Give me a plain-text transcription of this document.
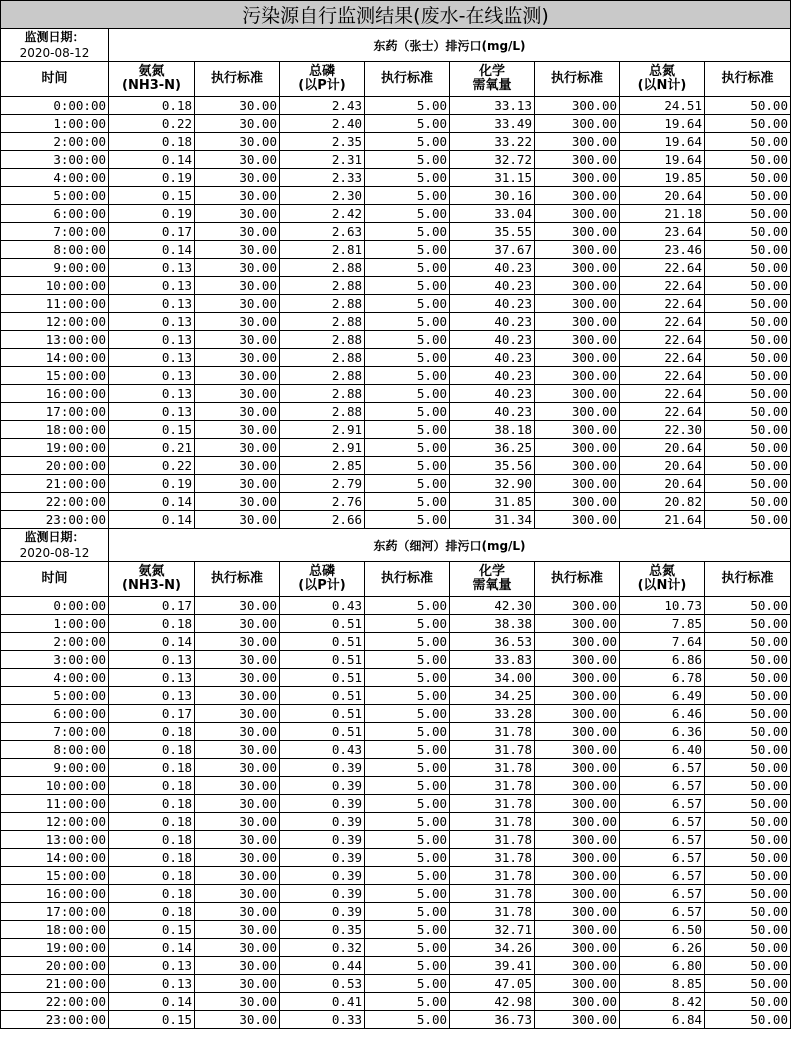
污染源自行监测结果(废水-在线监测)								

监测日期：
2020-08-12	东药（张士）排污口(mg/L)							

时间	氨氮
(NH3-N)	执行标准	总磷
(以P计)	执行标准	化学
需氧量	执行标准	总氮
(以N计)	执行标准

0:00:00	0.18	30.00	2.43	5.00	33.13	300.00	24.51	50.00
1:00:00	0.22	30.00	2.40	5.00	33.49	300.00	19.64	50.00
2:00:00	0.18	30.00	2.35	5.00	33.22	300.00	19.64	50.00
3:00:00	0.14	30.00	2.31	5.00	32.72	300.00	19.64	50.00
4:00:00	0.19	30.00	2.33	5.00	31.15	300.00	19.85	50.00
5:00:00	0.15	30.00	2.30	5.00	30.16	300.00	20.64	50.00
6:00:00	0.19	30.00	2.42	5.00	33.04	300.00	21.18	50.00
7:00:00	0.17	30.00	2.63	5.00	35.55	300.00	23.64	50.00
8:00:00	0.14	30.00	2.81	5.00	37.67	300.00	23.46	50.00
9:00:00	0.13	30.00	2.88	5.00	40.23	300.00	22.64	50.00
10:00:00	0.13	30.00	2.88	5.00	40.23	300.00	22.64	50.00
11:00:00	0.13	30.00	2.88	5.00	40.23	300.00	22.64	50.00
12:00:00	0.13	30.00	2.88	5.00	40.23	300.00	22.64	50.00
13:00:00	0.13	30.00	2.88	5.00	40.23	300.00	22.64	50.00
14:00:00	0.13	30.00	2.88	5.00	40.23	300.00	22.64	50.00
15:00:00	0.13	30.00	2.88	5.00	40.23	300.00	22.64	50.00
16:00:00	0.13	30.00	2.88	5.00	40.23	300.00	22.64	50.00
17:00:00	0.13	30.00	2.88	5.00	40.23	300.00	22.64	50.00
18:00:00	0.15	30.00	2.91	5.00	38.18	300.00	22.30	50.00
19:00:00	0.21	30.00	2.91	5.00	36.25	300.00	20.64	50.00
20:00:00	0.22	30.00	2.85	5.00	35.56	300.00	20.64	50.00
21:00:00	0.19	30.00	2.79	5.00	32.90	300.00	20.64	50.00
22:00:00	0.14	30.00	2.76	5.00	31.85	300.00	20.82	50.00
23:00:00	0.14	30.00	2.66	5.00	31.34	300.00	21.64	50.00

监测日期：
2020-08-12	东药（细河）排污口(mg/L)							

时间	氨氮
(NH3-N)	执行标准	总磷
(以P计)	执行标准	化学
需氧量	执行标准	总氮
(以N计)	执行标准

0:00:00	0.17	30.00	0.43	5.00	42.30	300.00	10.73	50.00
1:00:00	0.18	30.00	0.51	5.00	38.38	300.00	7.85	50.00
2:00:00	0.14	30.00	0.51	5.00	36.53	300.00	7.64	50.00
3:00:00	0.13	30.00	0.51	5.00	33.83	300.00	6.86	50.00
4:00:00	0.13	30.00	0.51	5.00	34.00	300.00	6.78	50.00
5:00:00	0.13	30.00	0.51	5.00	34.25	300.00	6.49	50.00
6:00:00	0.17	30.00	0.51	5.00	33.28	300.00	6.46	50.00
7:00:00	0.18	30.00	0.51	5.00	31.78	300.00	6.36	50.00
8:00:00	0.18	30.00	0.43	5.00	31.78	300.00	6.40	50.00
9:00:00	0.18	30.00	0.39	5.00	31.78	300.00	6.57	50.00
10:00:00	0.18	30.00	0.39	5.00	31.78	300.00	6.57	50.00
11:00:00	0.18	30.00	0.39	5.00	31.78	300.00	6.57	50.00
12:00:00	0.18	30.00	0.39	5.00	31.78	300.00	6.57	50.00
13:00:00	0.18	30.00	0.39	5.00	31.78	300.00	6.57	50.00
14:00:00	0.18	30.00	0.39	5.00	31.78	300.00	6.57	50.00
15:00:00	0.18	30.00	0.39	5.00	31.78	300.00	6.57	50.00
16:00:00	0.18	30.00	0.39	5.00	31.78	300.00	6.57	50.00
17:00:00	0.18	30.00	0.39	5.00	31.78	300.00	6.57	50.00
18:00:00	0.15	30.00	0.35	5.00	32.71	300.00	6.50	50.00
19:00:00	0.14	30.00	0.32	5.00	34.26	300.00	6.26	50.00
20:00:00	0.13	30.00	0.44	5.00	39.41	300.00	6.80	50.00
21:00:00	0.13	30.00	0.53	5.00	47.05	300.00	8.85	50.00
22:00:00	0.14	30.00	0.41	5.00	42.98	300.00	8.42	50.00
23:00:00	0.15	30.00	0.33	5.00	36.73	300.00	6.84	50.00
